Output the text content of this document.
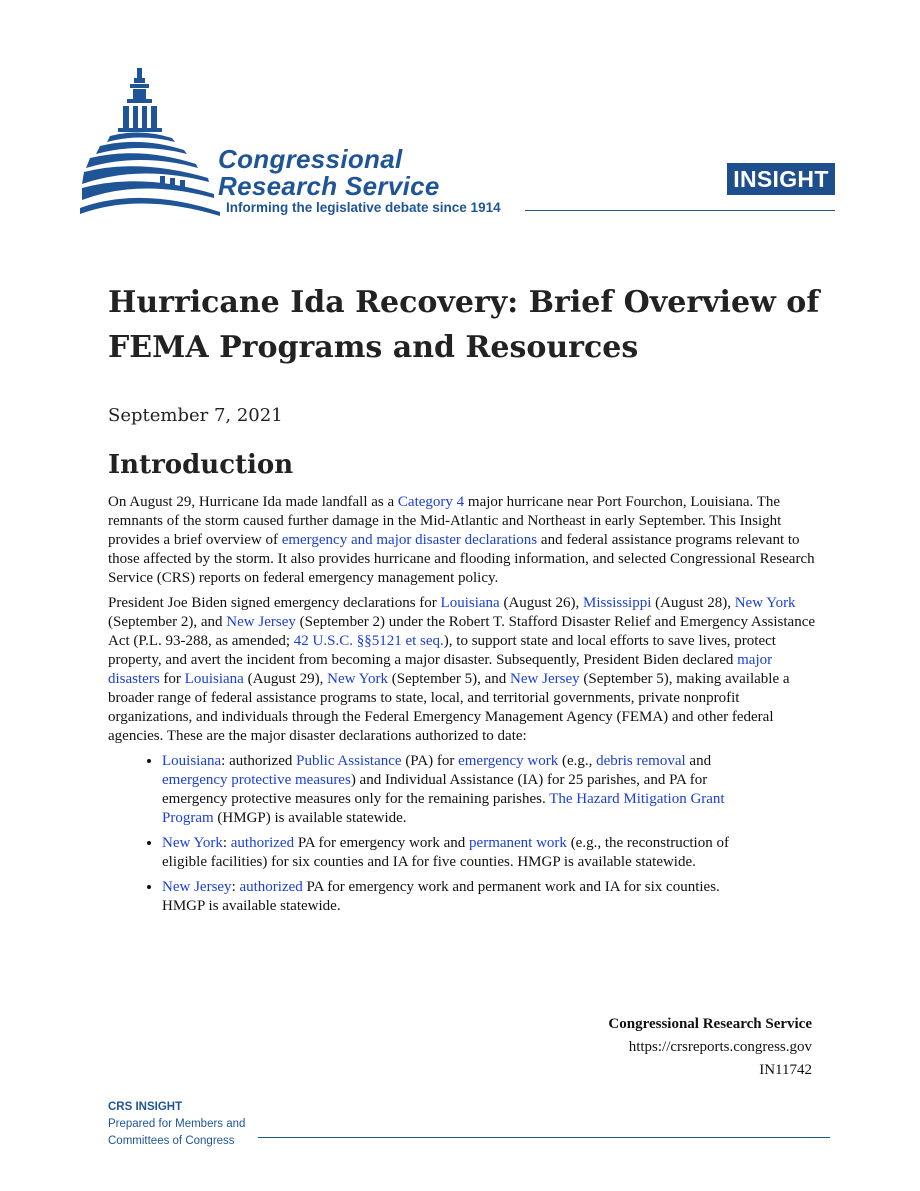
Congressional
Research Service
Informing the legislative debate since 1914
INSIGHT
Hurricane Ida Recovery: Brief Overview of FEMA Programs and Resources
September 7, 2021
Introduction

On August 29, Hurricane Ida made landfall as a Category 4 major hurricane near Port Fourchon, Louisiana. The remnants of the storm caused further damage in the Mid-Atlantic and Northeast in early September. This Insight provides a brief overview of emergency and major disaster declarations and federal assistance programs relevant to those affected by the storm. It also provides hurricane and flooding information, and selected Congressional Research Service (CRS) reports on federal emergency management policy.

President Joe Biden signed emergency declarations for Louisiana (August 26), Mississippi (August 28), New York (September 2), and New Jersey (September 2) under the Robert T. Stafford Disaster Relief and Emergency Assistance Act (P.L. 93-288, as amended; 42 U.S.C. §§5121 et seq.), to support state and local efforts to save lives, protect property, and avert the incident from becoming a major disaster. Subsequently, President Biden declared major disasters for Louisiana (August 29), New York (September 5), and New Jersey (September 5), making available a broader range of federal assistance programs to state, local, and territorial governments, private nonprofit organizations, and individuals through the Federal Emergency Management Agency (FEMA) and other federal agencies. These are the major disaster declarations authorized to date:

• Louisiana: authorized Public Assistance (PA) for emergency work (e.g., debris removal and emergency protective measures) and Individual Assistance (IA) for 25 parishes, and PA for emergency protective measures only for the remaining parishes. The Hazard Mitigation Grant Program (HMGP) is available statewide.
• New York: authorized PA for emergency work and permanent work (e.g., the reconstruction of eligible facilities) for six counties and IA for five counties. HMGP is available statewide.
• New Jersey: authorized PA for emergency work and permanent work and IA for six counties. HMGP is available statewide.
Congressional Research Service
https://crsreports.congress.gov
IN11742
CRS INSIGHT
Prepared for Members and
Committees of Congress
